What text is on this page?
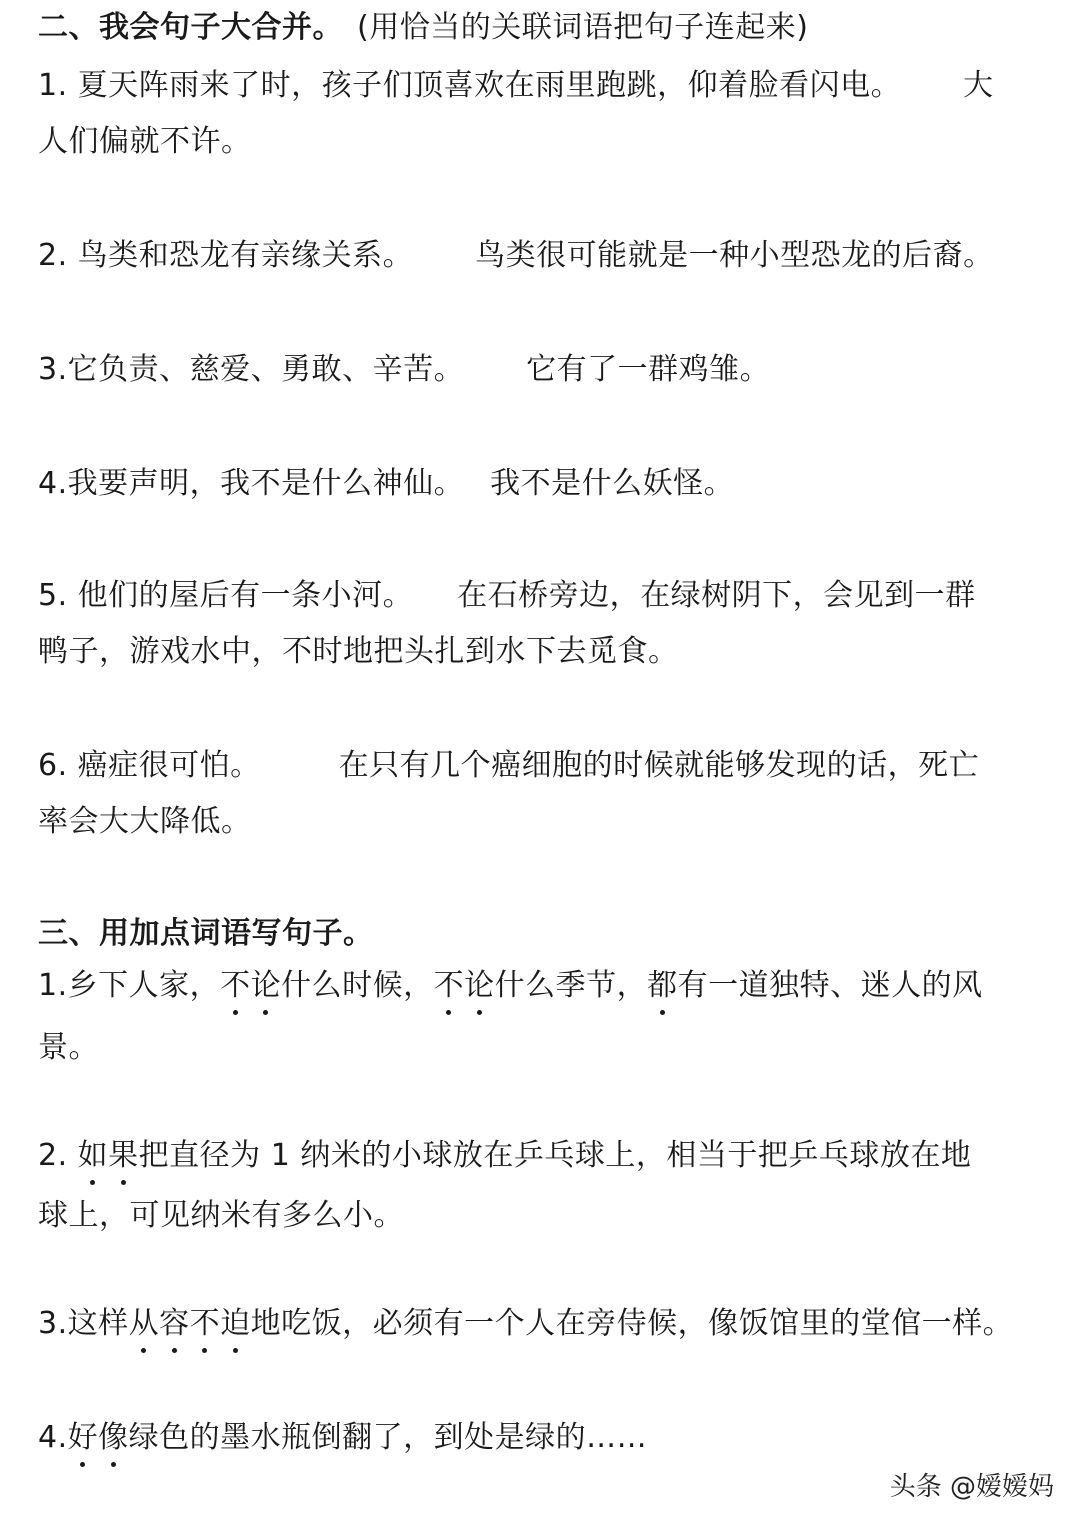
二、我会句子大合并。 (用恰当的关联词语把句子连起来)
1. 夏天阵雨来了时，孩子们顶喜欢在雨里跑跳，仰着脸看闪电。 大
人们偏就不许。
2. 鸟类和恐龙有亲缘关系。 鸟类很可能就是一种小型恐龙的后裔。
3.它负责、慈爱、勇敢、辛苦。 它有了一群鸡雏。
4.我要声明，我不是什么神仙。 我不是什么妖怪。
5. 他们的屋后有一条小河。 在石桥旁边，在绿树阴下，会见到一群
鸭子，游戏水中，不时地把头扎到水下去觅食。
6. 癌症很可怕。	在只有几个癌细胞的时候就能够发现的话，死亡
率会大大降低。
三、用加点词语写句子。
1.乡下人家，不论什么时候，不论什么季节，都有一道独特、迷人的风
景。
2. 如果把直径为 1 纳米的小球放在乒乓球上，相当于把乒乓球放在地
球上，可见纳米有多么小。
3.这样从容不迫地吃饭，必须有一个人在旁侍候，像饭馆里的堂倌一样。
4.好像绿色的墨水瓶倒翻了，到处是绿的……
头条 @嫒嫒妈
